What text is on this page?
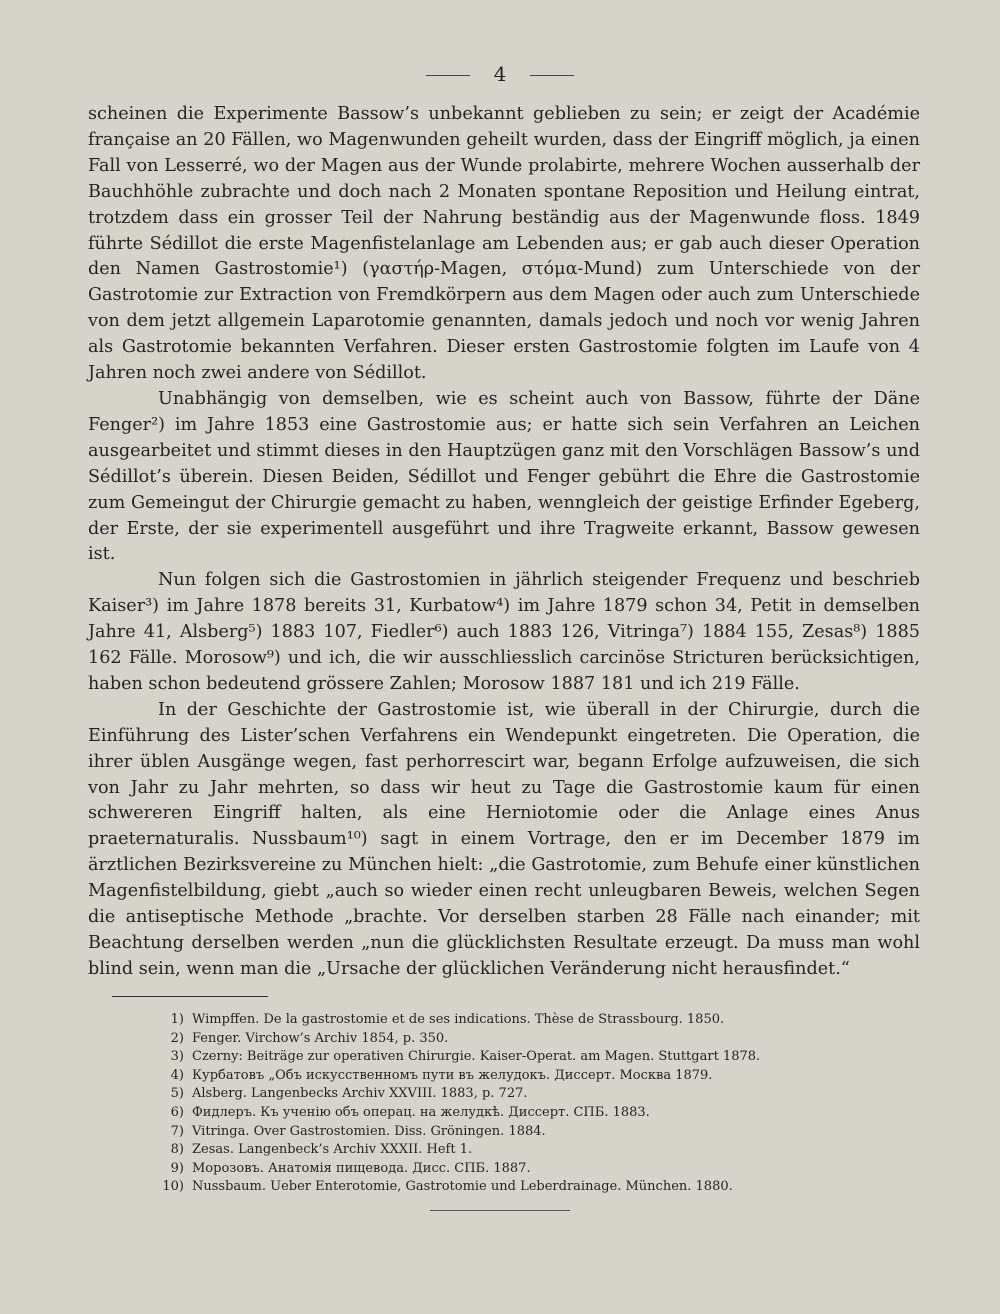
4

scheinen die Experimente Bassow’s unbekannt geblieben zu sein; er zeigt der Académie française an 20 Fällen, wo Magenwunden geheilt wurden, dass der Eingriff möglich, ja einen Fall von Lesserré, wo der Magen aus der Wunde prolabirte, mehrere Wochen ausserhalb der Bauchhöhle zubrachte und doch nach 2 Monaten spontane Reposition und Heilung eintrat, trotzdem dass ein grosser Teil der Nahrung beständig aus der Magenwunde floss. 1849 führte Sédillot die erste Magenfistelanlage am Lebenden aus; er gab auch dieser Operation den Namen Gastrostomie¹) (γαστήρ-Magen, στόμα-Mund) zum Unterschiede von der Gastrotomie zur Extraction von Fremdkörpern aus dem Magen oder auch zum Unterschiede von dem jetzt allgemein Laparotomie genannten, damals jedoch und noch vor wenig Jahren als Gastrotomie bekannten Verfahren. Dieser ersten Gastrostomie folgten im Laufe von 4 Jahren noch zwei andere von Sédillot.

Unabhängig von demselben, wie es scheint auch von Bassow, führte der Däne Fenger²) im Jahre 1853 eine Gastrostomie aus; er hatte sich sein Verfahren an Leichen ausgearbeitet und stimmt dieses in den Hauptzügen ganz mit den Vorschlägen Bassow’s und Sédillot’s überein. Diesen Beiden, Sédillot und Fenger gebührt die Ehre die Gastrostomie zum Gemeingut der Chirurgie gemacht zu haben, wenngleich der geistige Erfinder Egeberg, der Erste, der sie experimentell ausgeführt und ihre Tragweite erkannt, Bassow gewesen ist.

Nun folgen sich die Gastrostomien in jährlich steigender Frequenz und beschrieb Kaiser³) im Jahre 1878 bereits 31, Kurbatow⁴) im Jahre 1879 schon 34, Petit in demselben Jahre 41, Alsberg⁵) 1883 107, Fiedler⁶) auch 1883 126, Vitringa⁷) 1884 155, Zesas⁸) 1885 162 Fälle. Morosow⁹) und ich, die wir ausschliesslich carcinöse Stricturen berücksichtigen, haben schon bedeutend grössere Zahlen; Morosow 1887 181 und ich 219 Fälle.

In der Geschichte der Gastrostomie ist, wie überall in der Chirurgie, durch die Einführung des Lister’schen Verfahrens ein Wendepunkt eingetreten. Die Operation, die ihrer üblen Ausgänge wegen, fast perhorrescirt war, begann Erfolge aufzuweisen, die sich von Jahr zu Jahr mehrten, so dass wir heut zu Tage die Gastrostomie kaum für einen schwereren Eingriff halten, als eine Herniotomie oder die Anlage eines Anus praeternaturalis. Nussbaum¹⁰) sagt in einem Vortrage, den er im December 1879 im ärztlichen Bezirksvereine zu München hielt: „die Gastrotomie, zum Behufe einer künstlichen Magenfistelbildung, giebt „auch so wieder einen recht unleugbaren Beweis, welchen Segen die antiseptische Methode „brachte. Vor derselben starben 28 Fälle nach einander; mit Beachtung derselben werden „nun die glücklichsten Resultate erzeugt. Da muss man wohl blind sein, wenn man die „Ursache der glücklichen Veränderung nicht herausfindet.“

1) Wimpffen. De la gastrostomie et de ses indications. Thèse de Strassbourg. 1850.
2) Fenger. Virchow’s Archiv 1854, p. 350.
3) Czerny: Beiträge zur operativen Chirurgie. Kaiser-Operat. am Magen. Stuttgart 1878.
4) Курбатовъ „Объ искусственномъ пути въ желудокъ. Диссерт. Москва 1879.
5) Alsberg. Langenbecks Archiv XXVIII. 1883, p. 727.
6) Фидлеръ. Къ ученію объ операц. на желудкѣ. Диссерт. СПБ. 1883.
7) Vitringa. Over Gastrostomien. Diss. Gröningen. 1884.
8) Zesas. Langenbeck’s Archiv XXXII. Heft 1.
9) Морозовъ. Анатомія пищевода. Дисс. СПБ. 1887.
10) Nussbaum. Ueber Enterotomie, Gastrotomie und Leberdrainage. München. 1880.
